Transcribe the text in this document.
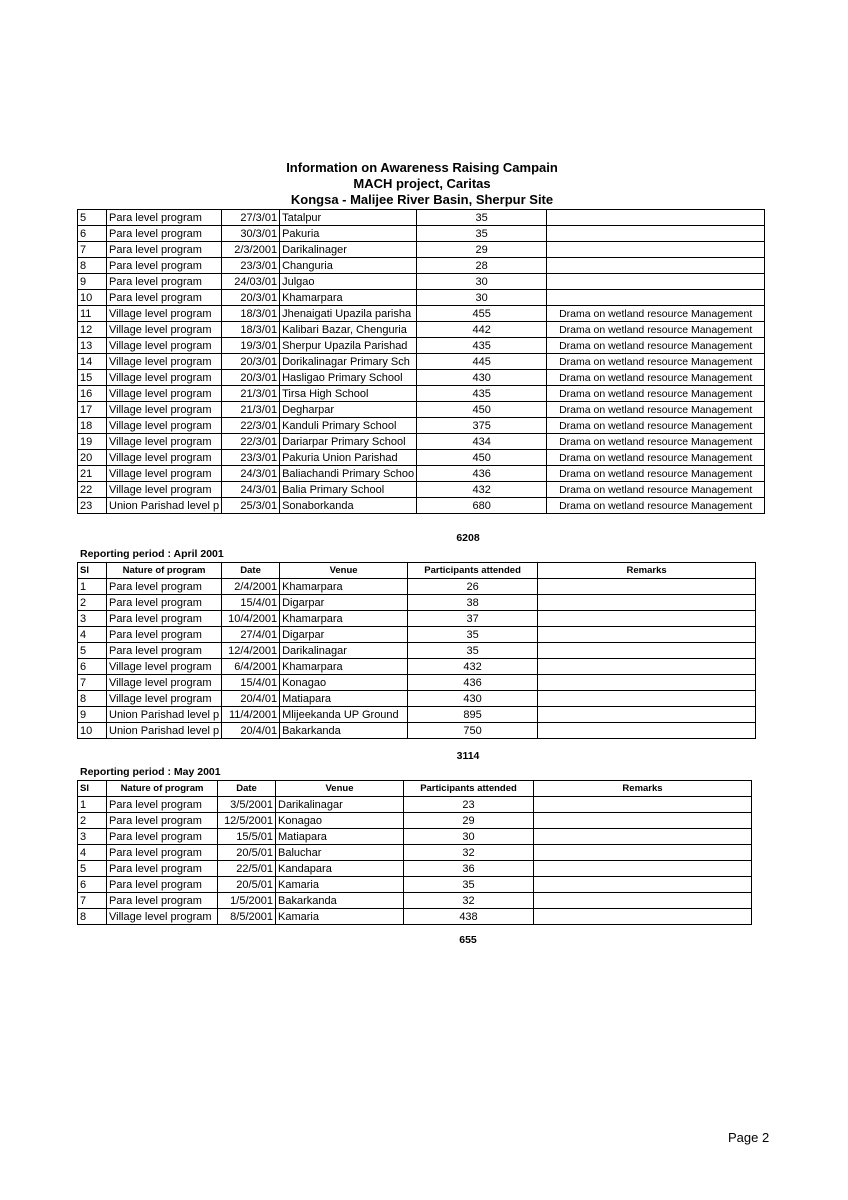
Information on Awareness Raising Campain
MACH project, Caritas
Kongsa - Malijee River Basin, Sherpur Site
5	Para level program	27/3/01	Tatalpur	35	
6	Para level program	30/3/01	Pakuria	35	
7	Para level program	2/3/2001	Darikalinager	29	
8	Para level program	23/3/01	Changuria	28	
9	Para level program	24/03/01	Julgao	30	
10	Para level program	20/3/01	Khamarpara	30	
11	Village level program	18/3/01	Jhenaigati Upazila parisha	455	Drama on wetland resource Management
12	Village level program	18/3/01	Kalibari Bazar, Chenguria	442	Drama on wetland resource Management
13	Village level program	19/3/01	Sherpur Upazila Parishad	435	Drama on wetland resource Management
14	Village level program	20/3/01	Dorikalinagar Primary Sch	445	Drama on wetland resource Management
15	Village level program	20/3/01	Hasligao Primary School	430	Drama on wetland resource Management
16	Village level program	21/3/01	Tirsa High School	435	Drama on wetland resource Management
17	Village level program	21/3/01	Degharpar	450	Drama on wetland resource Management
18	Village level program	22/3/01	Kanduli Primary School	375	Drama on wetland resource Management
19	Village level program	22/3/01	Dariarpar Primary School	434	Drama on wetland resource Management
20	Village level program	23/3/01	Pakuria Union Parishad	450	Drama on wetland resource Management
21	Village level program	24/3/01	Baliachandi Primary Schoo	436	Drama on wetland resource Management
22	Village level program	24/3/01	Balia Primary School	432	Drama on wetland resource Management
23	Union Parishad level p	25/3/01	Sonaborkanda	680	Drama on wetland resource Management
6208
Reporting period : April 2001
Sl	Nature of program	Date	Venue	Participants attended	Remarks
1	Para level program	2/4/2001	Khamarpara	26	
2	Para level program	15/4/01	Digarpar	38	
3	Para level program	10/4/2001	Khamarpara	37	
4	Para level program	27/4/01	Digarpar	35	
5	Para level program	12/4/2001	Darikalinagar	35	
6	Village level program	6/4/2001	Khamarpara	432	
7	Village level program	15/4/01	Konagao	436	
8	Village level program	20/4/01	Matiapara	430	
9	Union Parishad level p	11/4/2001	Mlijeekanda UP Ground	895	
10	Union Parishad level p	20/4/01	Bakarkanda	750	
3114
Reporting period : May 2001
Sl	Nature of program	Date	Venue	Participants attended	Remarks
1	Para level program	3/5/2001	Darikalinagar	23	
2	Para level program	12/5/2001	Konagao	29	
3	Para level program	15/5/01	Matiapara	30	
4	Para level program	20/5/01	Baluchar	32	
5	Para level program	22/5/01	Kandapara	36	
6	Para level program	20/5/01	Kamaria	35	
7	Para level program	1/5/2001	Bakarkanda	32	
8	Village level program	8/5/2001	Kamaria	438	
655
Page 2
